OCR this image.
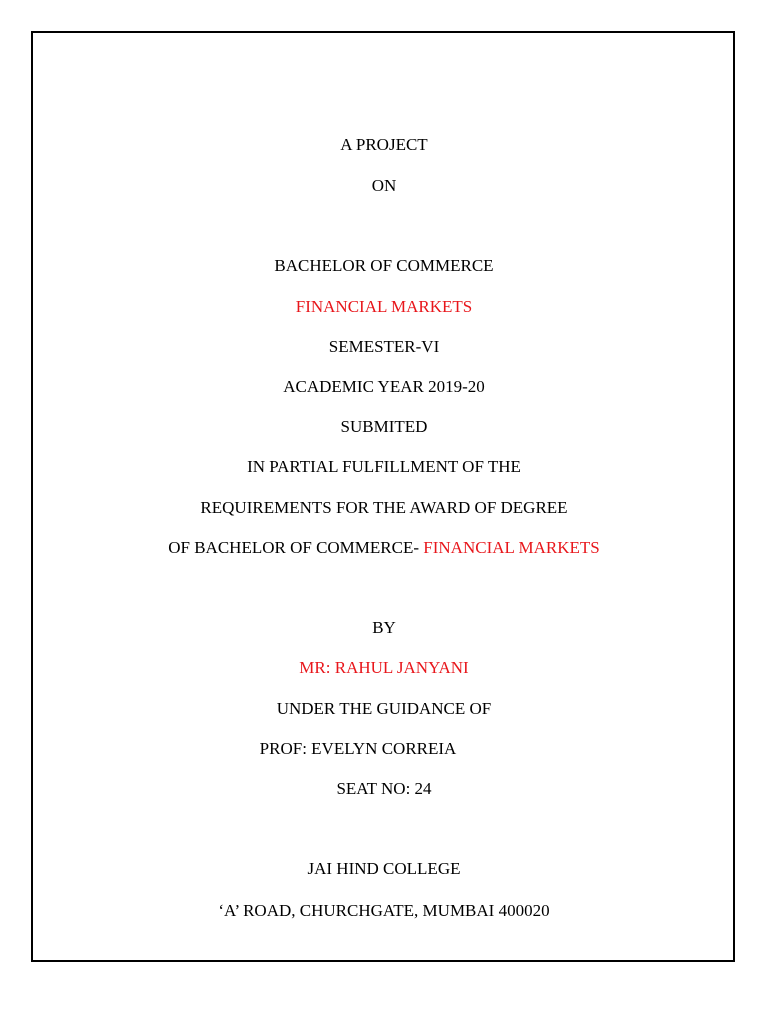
A PROJECT
ON
BACHELOR OF COMMERCE
FINANCIAL MARKETS
SEMESTER-VI
ACADEMIC YEAR 2019-20
SUBMITED
IN PARTIAL FULFILLMENT OF THE
REQUIREMENTS FOR THE AWARD OF DEGREE
OF BACHELOR OF COMMERCE- FINANCIAL MARKETS
BY
MR: RAHUL JANYANI
UNDER THE GUIDANCE OF
PROF: EVELYN CORREIA
SEAT NO: 24
JAI HIND COLLEGE
‘A’ ROAD, CHURCHGATE, MUMBAI 400020
